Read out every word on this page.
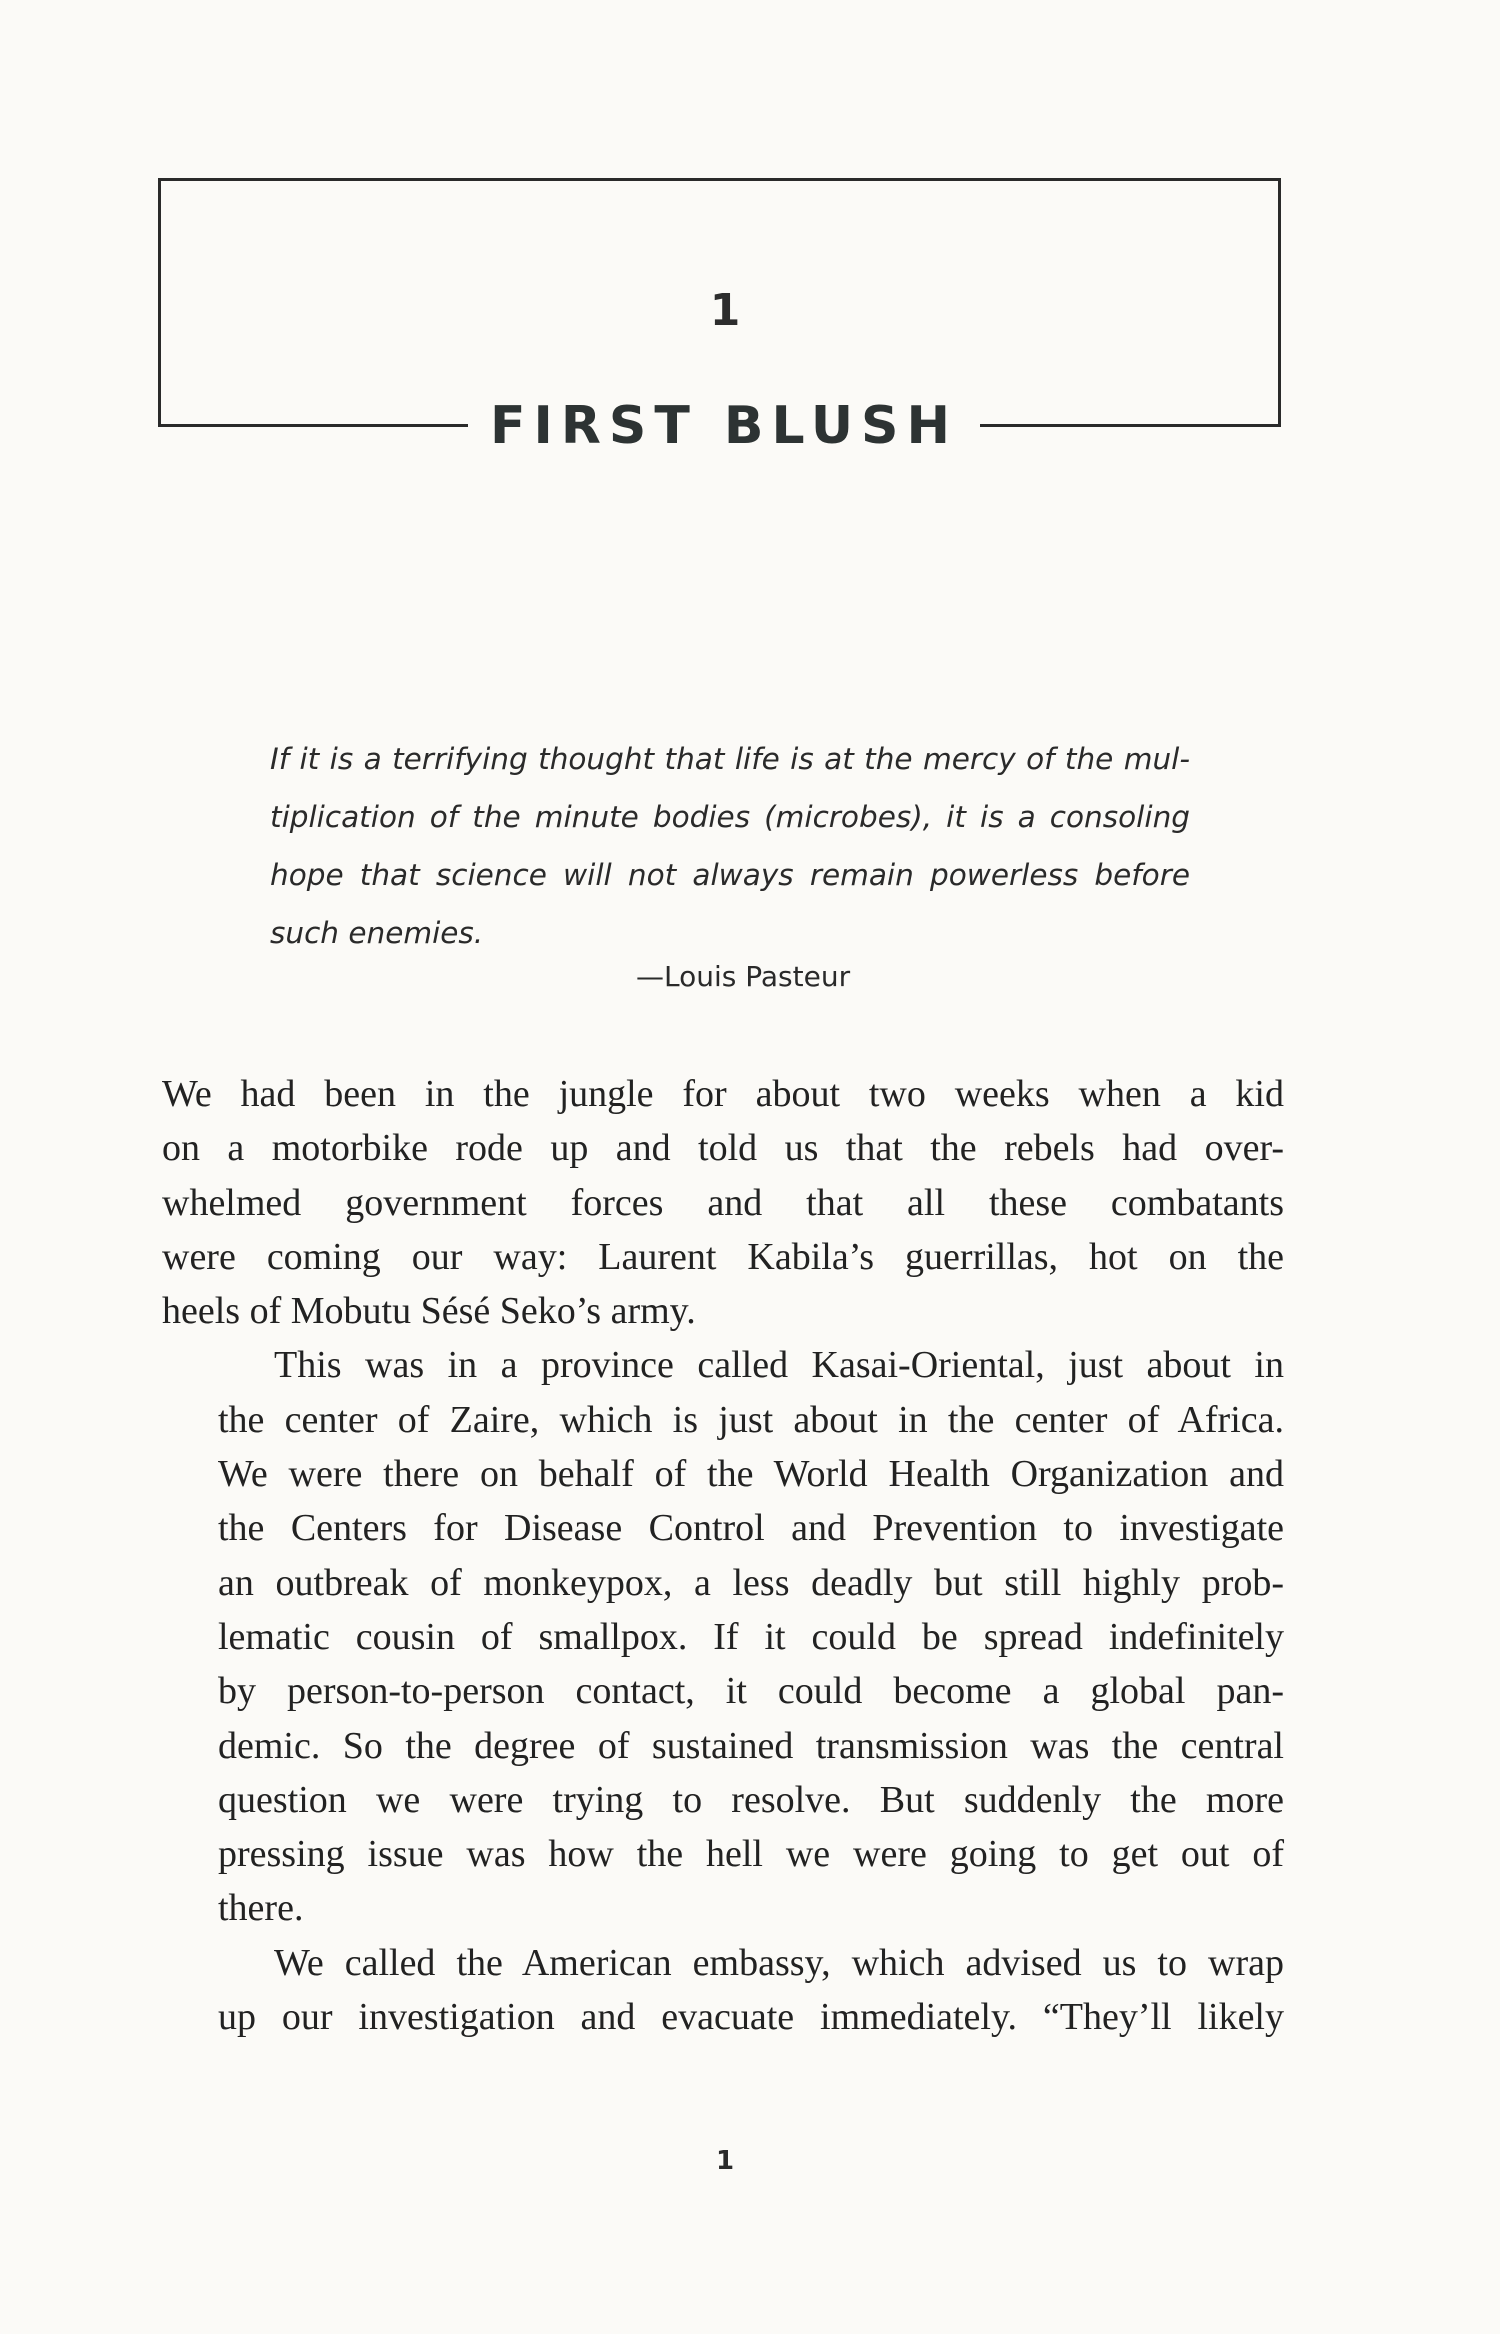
1
FIRST BLUSH

If it is a terrifying thought that life is at the mercy of the mul-
tiplication of the minute bodies (microbes), it is a consoling
hope that science will not always remain powerless before
such enemies.

—Louis Pasteur

We had been in the jungle for about two weeks when a kid
on a motorbike rode up and told us that the rebels had over-
whelmed government forces and that all these combatants
were coming our way: Laurent Kabila’s guerrillas, hot on the
heels of Mobutu Sésé Seko’s army.

This was in a province called Kasai-Oriental, just about in
the center of Zaire, which is just about in the center of Africa.
We were there on behalf of the World Health Organization and
the Centers for Disease Control and Prevention to investigate
an outbreak of monkeypox, a less deadly but still highly prob-
lematic cousin of smallpox. If it could be spread indefinitely
by person-to-person contact, it could become a global pan-
demic. So the degree of sustained transmission was the central
question we were trying to resolve. But suddenly the more
pressing issue was how the hell we were going to get out of
there.

We called the American embassy, which advised us to wrap
up our investigation and evacuate immediately. “They’ll likely

1
